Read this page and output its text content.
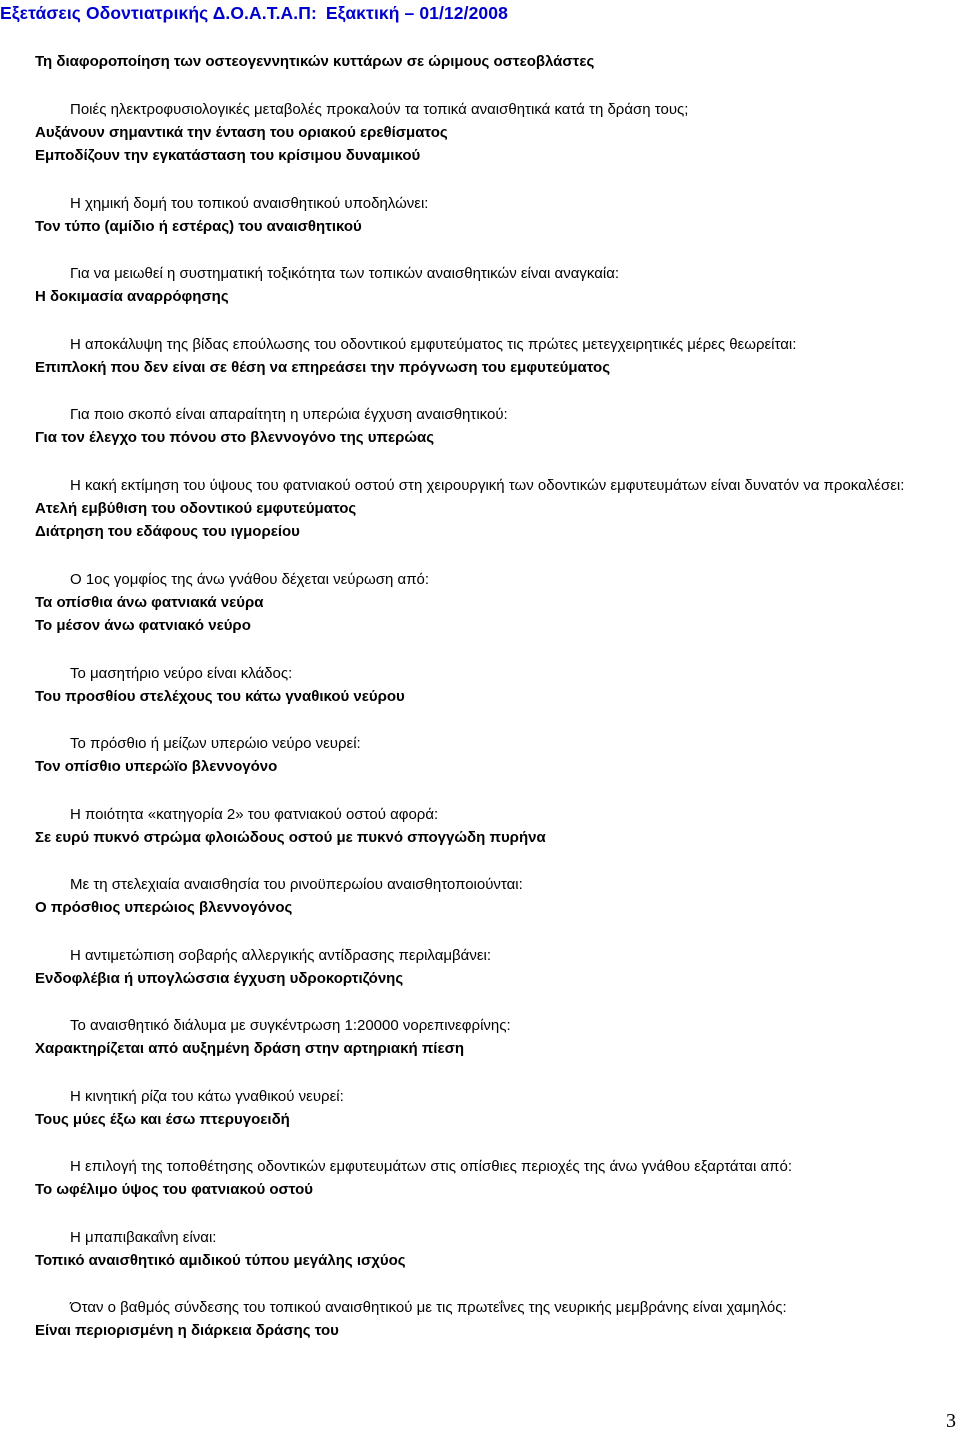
Εξετάσεις Οδοντιατρικής Δ.Ο.Α.Τ.Α.Π: Εξακτική – 01/12/2008

Τη διαφοροποίηση των οστεογεννητικών κυττάρων σε ώριμους οστεοβλάστες

Ποιές ηλεκτροφυσιολογικές μεταβολές προκαλούν τα τοπικά αναισθητικά κατά τη δράση τους;

Αυξάνουν σημαντικά την ένταση του οριακού ερεθίσματος

Εμποδίζουν την εγκατάσταση του κρίσιμου δυναμικού

Η χημική δομή του τοπικού αναισθητικού υποδηλώνει:

Τον τύπο (αμίδιο ή εστέρας) του αναισθητικού

Για να μειωθεί η συστηματική τοξικότητα των τοπικών αναισθητικών είναι αναγκαία:

Η δοκιμασία αναρρόφησης

Η αποκάλυψη της βίδας επούλωσης του οδοντικού εμφυτεύματος τις πρώτες μετεγχειρητικές μέρες θεωρείται:

Επιπλοκή που δεν είναι σε θέση να επηρεάσει την πρόγνωση του εμφυτεύματος

Για ποιο σκοπό είναι απαραίτητη η υπερώια έγχυση αναισθητικού:

Για τον έλεγχο του πόνου στο βλεννογόνο της υπερώας

Η κακή εκτίμηση του ύψους του φατνιακού οστού στη χειρουργική των οδοντικών εμφυτευμάτων είναι δυνατόν να προκαλέσει:

Ατελή εμβύθιση του οδοντικού εμφυτεύματος

Διάτρηση του εδάφους του ιγμορείου

Ο 1ος γομφίος της άνω γνάθου δέχεται νεύρωση από:

Τα οπίσθια άνω φατνιακά νεύρα

Το μέσον άνω φατνιακό νεύρο

Το μασητήριο νεύρο είναι κλάδος:

Του προσθίου στελέχους του κάτω γναθικού νεύρου

Το πρόσθιο ή μείζων υπερώιο νεύρο νευρεί:

Τον οπίσθιο υπερώϊο βλεννογόνο

Η ποιότητα «κατηγορία 2» του φατνιακού οστού αφορά:

Σε ευρύ πυκνό στρώμα φλοιώδους οστού με πυκνό σπογγώδη πυρήνα

Με τη στελεχιαία αναισθησία του ρινοϋπερωίου αναισθητοποιούνται:

Ο πρόσθιος υπερώιος βλεννογόνος

Η αντιμετώπιση σοβαρής αλλεργικής αντίδρασης περιλαμβάνει:

Ενδοφλέβια ή υπογλώσσια έγχυση υδροκορτιζόνης

Το αναισθητικό διάλυμα με συγκέντρωση 1:20000 νορεπινεφρίνης:

Χαρακτηρίζεται από αυξημένη δράση στην αρτηριακή πίεση

Η κινητική ρίζα του κάτω γναθικού νευρεί:

Τους μύες έξω και έσω πτερυγοειδή

Η επιλογή της τοποθέτησης οδοντικών εμφυτευμάτων στις οπίσθιες περιοχές της άνω γνάθου εξαρτάται από:

Το ωφέλιμο ύψος του φατνιακού οστού

Η μπαπιβακαΐνη είναι:

Τοπικό αναισθητικό αμιδικού τύπου μεγάλης ισχύος

Όταν ο βαθμός σύνδεσης του τοπικού αναισθητικού με τις πρωτεΐνες της νευρικής μεμβράνης είναι χαμηλός:

Είναι περιορισμένη η διάρκεια δράσης του

3
